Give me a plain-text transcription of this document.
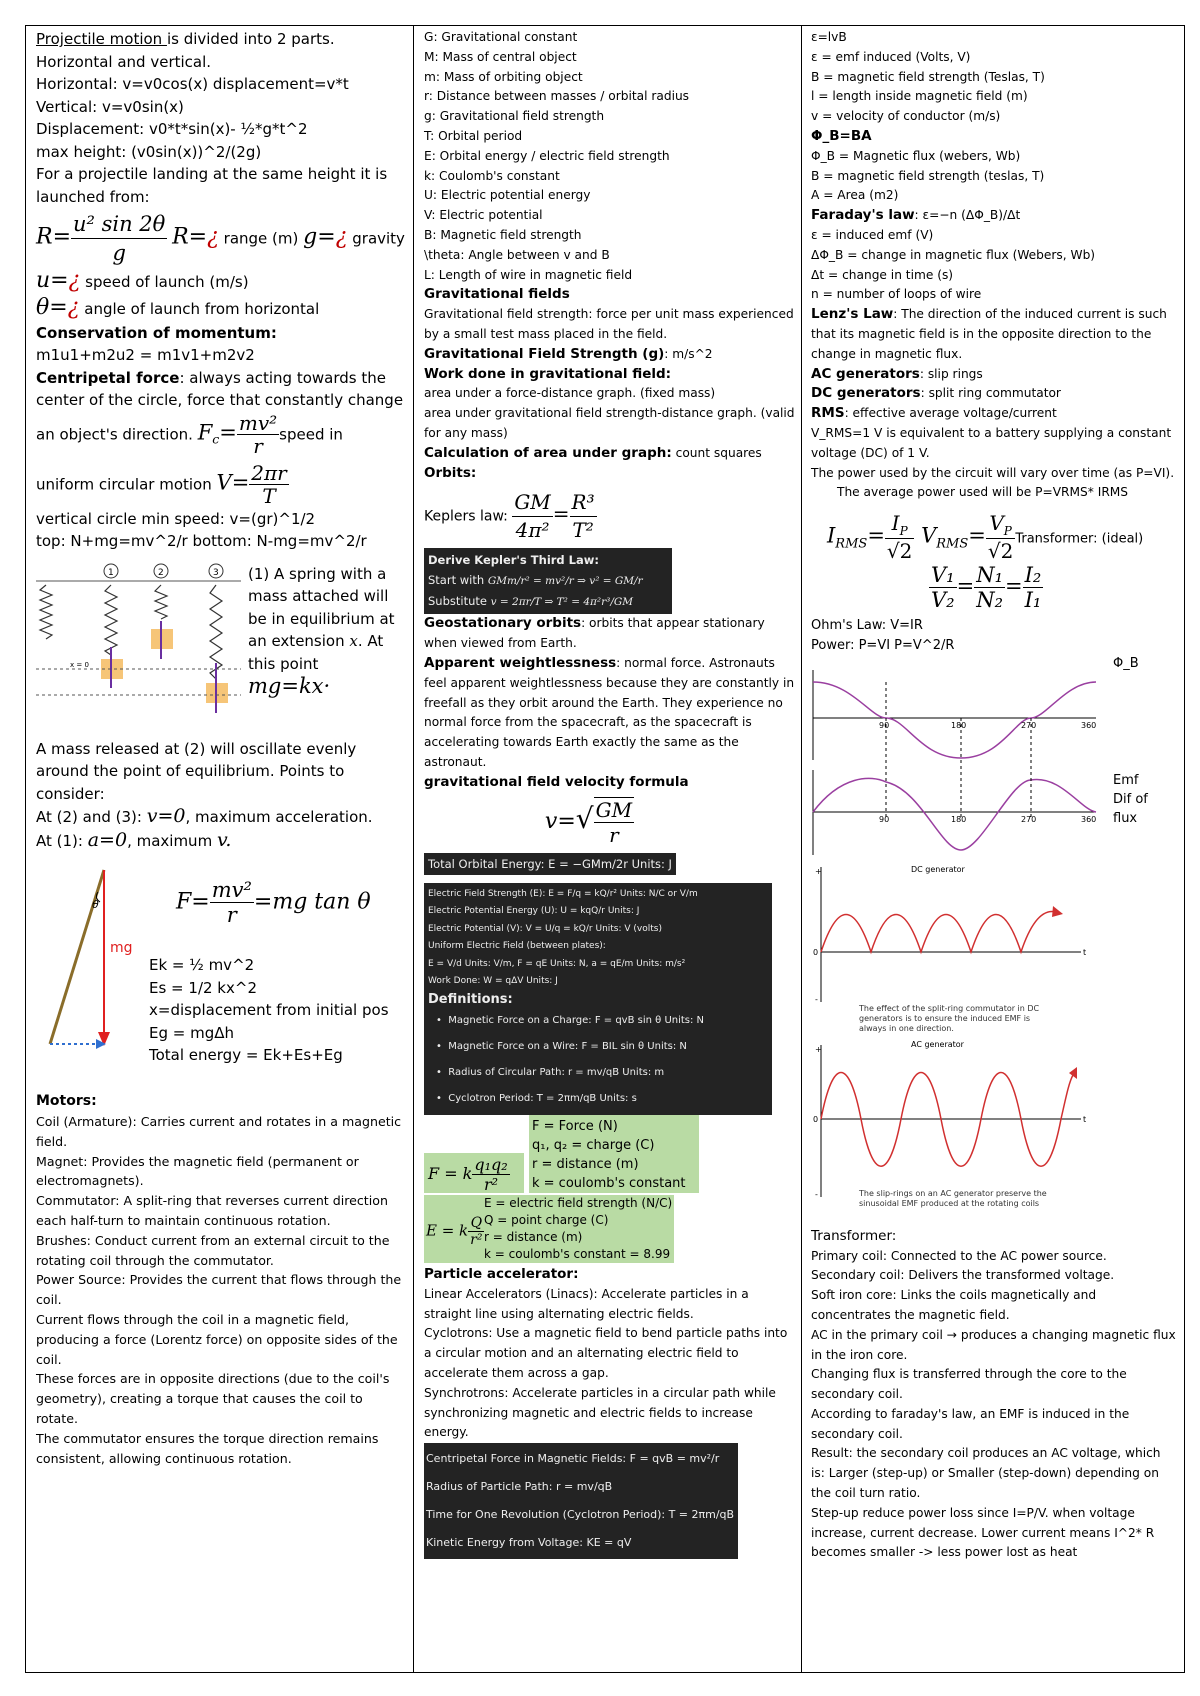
Projectile motion is divided into 2 parts.
Horizontal and vertical.
Horizontal: v=v0cos(x) displacement=v*t
Vertical: v=v0sin(x)
Displacement: v0*t*sin(x)- ½*g*t^2
max height: (v0sin(x))^2/(2g)
For a projectile landing at the same height it is launched from:
$R= \frac{\text{u² sin 2θ}}{g}$ R=¿ range (m) g=¿ gravity
u=¿ speed of launch (m/s)
θ=¿ angle of launch from horizontal
Conservation of momentum:
m1u1+m2u2 = m1v1+m2v2
Centripetal force: always acting towards the center of the circle, force that constantly change an object's direction. $F_c= \frac{\text{mv²}}{r}$ speed in
uniform circular motion $V= \frac{2\pi r}{T}$
vertical circle min speed: v=(gr)^1/2
top: N+mg=mv^2/r bottom: N-mg=mv^2/r
1	2	3
x = 0
(1) A spring with a mass attached will be in equilibrium at an extension x. At this point
mg=kx·
A mass released at (2) will oscillate evenly around the point of equilibrium. Points to consider:
At (2) and (3): v=0, maximum acceleration.
At (1): a=0, maximum v.
θ
mg
$F= \frac{\text{mv²}}{r} =mg$ tan θ
Ek = ½ mv^2
Es = 1/2 kx^2
x=displacement from initial pos
Eg = mgΔh
Total energy = Ek+Es+Eg
Motors:
Coil (Armature): Carries current and rotates in a magnetic field.
Magnet: Provides the magnetic field (permanent or electromagnets).
Commutator: A split-ring that reverses current direction each half-turn to maintain continuous rotation.
Brushes: Conduct current from an external circuit to the rotating coil through the commutator.
Power Source: Provides the current that flows through the coil.
Current flows through the coil in a magnetic field, producing a force (Lorentz force) on opposite sides of the coil.
These forces are in opposite directions (due to the coil's geometry), creating a torque that causes the coil to rotate.
The commutator ensures the torque direction remains consistent, allowing continuous rotation.
G: Gravitational constant
M: Mass of central object
m: Mass of orbiting object
r: Distance between masses / orbital radius
g: Gravitational field strength
T: Orbital period
E: Orbital energy / electric field strength
k: Coulomb's constant
U: Electric potential energy
V: Electric potential
B: Magnetic field strength
\theta: Angle between v and B
L: Length of wire in magnetic field
Gravitational fields
Gravitational field strength: force per unit mass experienced by a small test mass placed in the field.
Gravitational Field Strength (g): m/s^2
Work done in gravitational field:
area under a force-distance graph. (fixed mass)
area under gravitational field strength-distance graph. (valid for any mass)
Calculation of area under graph: count squares
Orbits:
Keplers law: $\frac{GM}{\text{4π²}} = \frac{\text{R³}}{\text{T²}}$
Derive Kepler's Third Law:
Start with GMm/r² = mv²/r ⇒ v² = GM/r
Substitute v = 2πr/T ⇒ T² = 4π²r³/GM
Geostationary orbits: orbits that appear stationary when viewed from Earth.
Apparent weightlessness: normal force. Astronauts feel apparent weightlessness because they are constantly in freefall as they orbit around the Earth. They experience no normal force from the spacecraft, as the spacecraft is accelerating towards Earth exactly the same as the astronaut.
gravitational field velocity formula
$v=√ \frac{GM}{r}$
Total Orbital Energy: E = −GMm/2r Units: J
Electric Field Strength (E): E = F/q = kQ/r² Units: N/C or V/m
Electric Potential Energy (U): U = kqQ/r Units: J
Electric Potential (V): V = U/q = kQ/r Units: V (volts)
Uniform Electric Field (between plates):
E = V/d Units: V/m, F = qE Units: N, a = qE/m Units: m/s²
Work Done: W = qΔV Units: J
Definitions:
•  Magnetic Force on a Charge: F = qvB sin θ Units: N
•  Magnetic Force on a Wire: F = BIL sin θ Units: N
•  Radius of Circular Path: r = mv/qB Units: m
•  Cyclotron Period: T = 2πm/qB Units: s
F = k $\frac{\text{q₁q₂}}{\text{r²}}$
F = Force (N)
q₁, q₂ = charge (C)
r = distance (m)
k = coulomb's constant
E = k $\frac{Q}{\text{r²}}$
E = electric field strength (N/C)
Q = point charge (C)
r = distance (m)
k = coulomb's constant = 8.99
Particle accelerator:
Linear Accelerators (Linacs): Accelerate particles in a straight line using alternating electric fields.
Cyclotrons: Use a magnetic field to bend particle paths into a circular motion and an alternating electric field to accelerate them across a gap.
Synchrotrons: Accelerate particles in a circular path while synchronizing magnetic and electric fields to increase energy.
Centripetal Force in Magnetic Fields: F = qvB = mv²/r
Radius of Particle Path: r = mv/qB
Time for One Revolution (Cyclotron Period): T = 2πm/qB
Kinetic Energy from Voltage: KE = qV
ε=lvB
ε = emf induced (Volts, V)
B = magnetic field strength (Teslas, T)
l = length inside magnetic field (m)
v = velocity of conductor (m/s)
Φ_B=BA
Φ_B = Magnetic flux (webers, Wb)
B = magnetic field strength (teslas, T)
A = Area (m2)
Faraday's law: ε=−n (ΔΦ_B)/Δt
ε = induced emf (V)
ΔΦ_B = change in magnetic flux (Webers, Wb)
Δt = change in time (s)
n = number of loops of wire
Lenz's Law: The direction of the induced current is such that its magnetic field is in the opposite direction to the change in magnetic flux.
AC generators: slip rings
DC generators: split ring commutator
RMS: effective average voltage/current
V_RMS=1 V is equivalent to a battery supplying a constant voltage (DC) of 1 V.
The power used by the circuit will vary over time (as P=VI).
The average power used will be P=VRMS* IRMS
$I_{RMS}= \frac{I_P}{√2} V_{RMS}= \frac{V_P}{√2}$ Transformer: (ideal)
$\frac{\text{V₁}}{\text{V₂}} = \frac{\text{N₁}}{\text{N₂}} = \frac{\text{I₂}}{\text{I₁}}$
Ohm's Law: V=IR
Power: P=VI P=V^2/R
90	180	270	360
90	180	270	360
Φ_B
Emf
Dif of
flux
DC generator
0	t
+
-
The effect of the split-ring commutator in DC generators is to ensure the induced EMF is always in one direction.
AC generator
0	t
+
-	The slip-rings on an AC generator preserve the sinusoidal EMF produced at the rotating coils
Transformer:
Primary coil: Connected to the AC power source.
Secondary coil: Delivers the transformed voltage.
Soft iron core: Links the coils magnetically and concentrates the magnetic field.
AC in the primary coil → produces a changing magnetic flux in the iron core.
Changing flux is transferred through the core to the secondary coil.
According to faraday's law, an EMF is induced in the secondary coil.
Result: the secondary coil produces an AC voltage, which is: Larger (step-up) or Smaller (step-down) depending on the coil turn ratio.
Step-up reduce power loss since I=P/V. when voltage increase, current decrease. Lower current means I^2* R becomes smaller -> less power lost as heat
